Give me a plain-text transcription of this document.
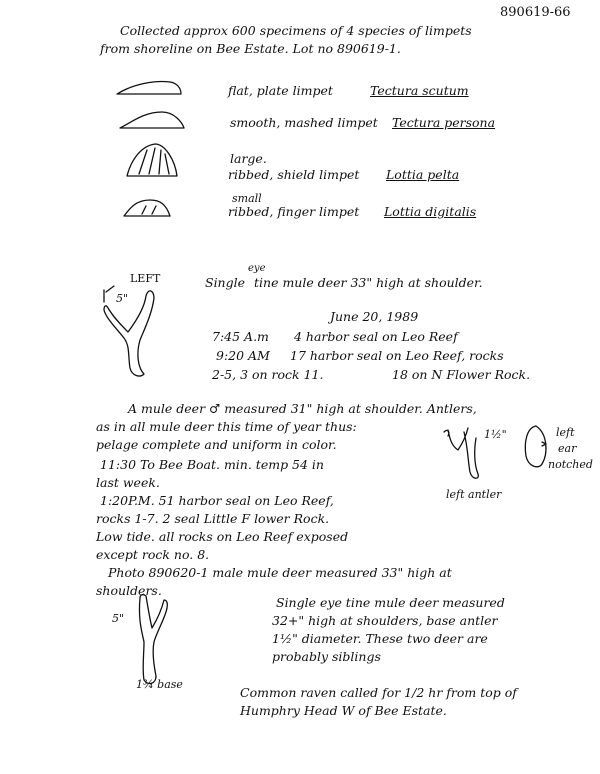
890619-66
Collected approx 600 specimens of 4 species of limpets
from shoreline on Bee Estate. Lot no 890619-1.
flat, plate limpet	Tectura scutum
smooth, mashed limpet Tectura persona
large.
ribbed, shield limpet Lottia pelta
small
ribbed, finger limpet Lottia digitalis
LEFT
5"
eye
Single tine mule deer 33" high at shoulder.
June 20, 1989
7:45 A.m 4 harbor seal on Leo Reef
9:20 AM 17 harbor seal on Leo Reef, rocks
2-5, 3 on rock 11.	18 on N Flower Rock.
A mule deer ♂ measured 31" high at shoulder. Antlers,
as in all mule deer this time of year thus:
pelage complete and uniform in color.
11:30 To Bee Boat. min. temp 54 in
last week.
1:20P.M. 51 harbor seal on Leo Reef,
rocks 1-7. 2 seal Little F lower Rock.
Low tide. all rocks on Leo Reef exposed
except rock no. 8.
Photo 890620-1 male mule deer measured 33" high at
shoulders.
1½"
left antler
left
ear
notched
5"
1¾ base
Single eye tine mule deer measured
32+" high at shoulders, base antler
1½" diameter. These two deer are
probably siblings
Common raven called for 1/2 hr from top of
Humphry Head W of Bee Estate.
